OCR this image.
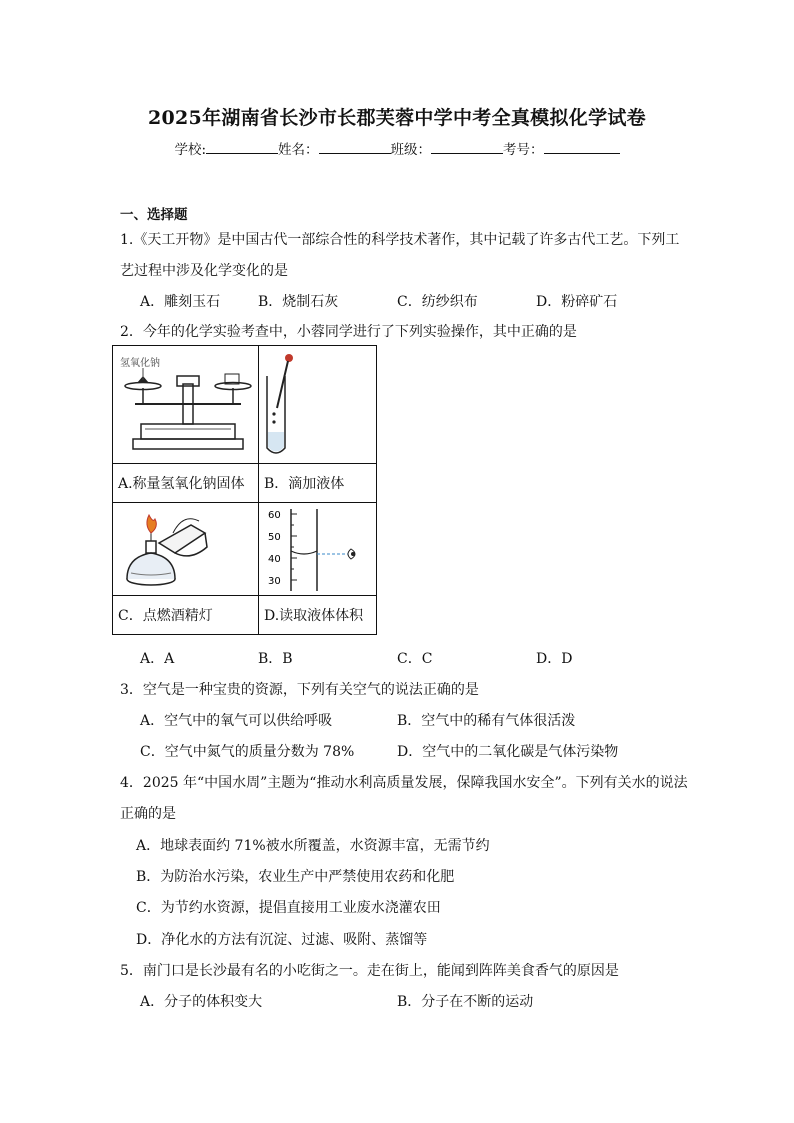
2025年湖南省长沙市长郡芙蓉中学中考全真模拟化学试卷
学校:	姓名：	班级：	考号：
一、选择题
1.《天工开物》是中国古代一部综合性的科学技术著作，其中记载了许多古代工艺。下列工
艺过程中涉及化学变化的是
A．雕刻玉石	B．烧制石灰	C．纺纱织布	D．粉碎矿石
2．今年的化学实验考查中，小蓉同学进行了下列实验操作，其中正确的是
氢氧化钠

A.称量氢氧化钠固体	B．滴加液体

60
50
40
30

C．点燃酒精灯	D.读取液体体积
A．A	B．B	C．C	D．D
3．空气是一种宝贵的资源，下列有关空气的说法正确的是
A．空气中的氧气可以供给呼吸	B．空气中的稀有气体很活泼
C．空气中氮气的质量分数为 78%	D．空气中的二氧化碳是气体污染物
4．2025 年“中国水周”主题为“推动水利高质量发展，保障我国水安全”。下列有关水的说法
正确的是
A．地球表面约 71%被水所覆盖，水资源丰富，无需节约
B．为防治水污染，农业生产中严禁使用农药和化肥
C．为节约水资源，提倡直接用工业废水浇灌农田
D．净化水的方法有沉淀、过滤、吸附、蒸馏等
5．南门口是长沙最有名的小吃街之一。走在街上，能闻到阵阵美食香气的原因是
A．分子的体积变大	B．分子在不断的运动
